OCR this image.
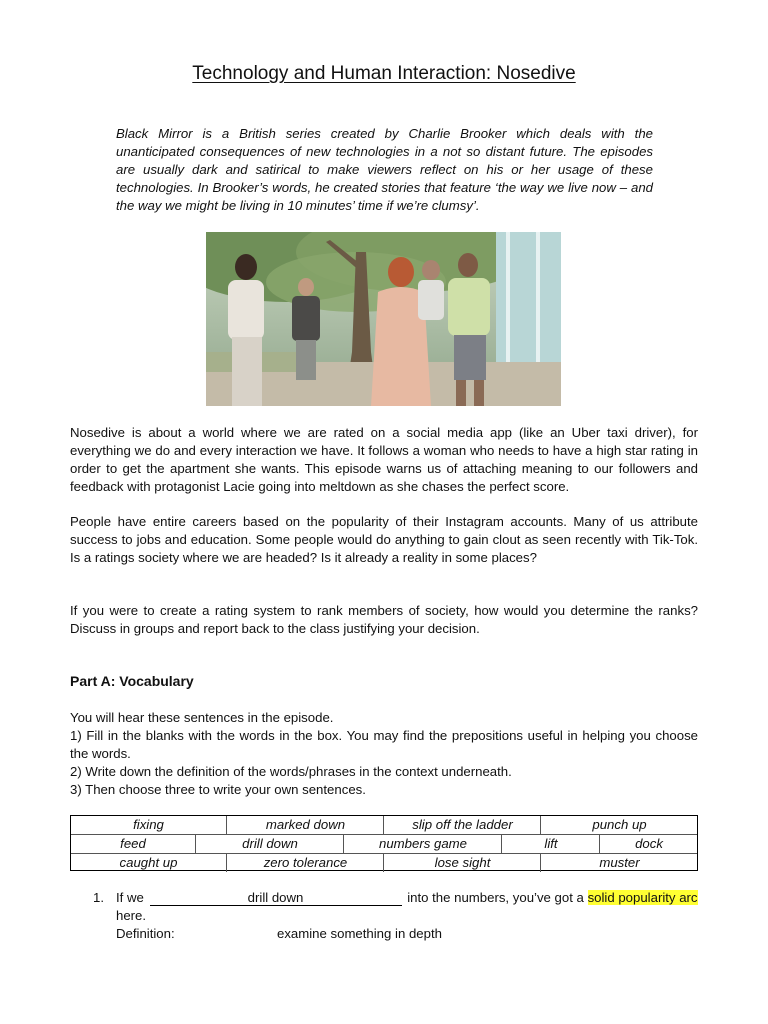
Technology and Human Interaction: Nosedive

Black Mirror is a British series created by Charlie Brooker which deals with the unanticipated consequences of new technologies in a not so distant future. The episodes are usually dark and satirical to make viewers reflect on his or her usage of these technologies. In Brooker’s words, he created stories that feature ‘the way we live now – and the way we might be living in 10 minutes’ time if we’re clumsy’.

Nosedive is about a world where we are rated on a social media app (like an Uber taxi driver), for everything we do and every interaction we have. It follows a woman who needs to have a high star rating in order to get the apartment she wants. This episode warns us of attaching meaning to our followers and feedback with protagonist Lacie going into meltdown as she chases the perfect score.

People have entire careers based on the popularity of their Instagram accounts. Many of us attribute success to jobs and education. Some people would do anything to gain clout as seen recently with Tik-Tok. Is a ratings society where we are headed? Is it already a reality in some places?

If you were to create a rating system to rank members of society, how would you determine the ranks? Discuss in groups and report back to the class justifying your decision.

Part A: Vocabulary
You will hear these sentences in the episode.
1) Fill in the blanks with the words in the box. You may find the prepositions useful in helping you choose the words.
2) Write down the definition of the words/phrases in the context underneath.
3) Then choose three to write your own sentences.
fixing	marked down	slip off the ladder	punch up
feed	drill down	numbers game	lift	dock
caught up	zero tolerance	lose sight	muster
1. If we	drill down	into the numbers, you’ve got a solid popularity arc here.
Definition:	examine something in depth
